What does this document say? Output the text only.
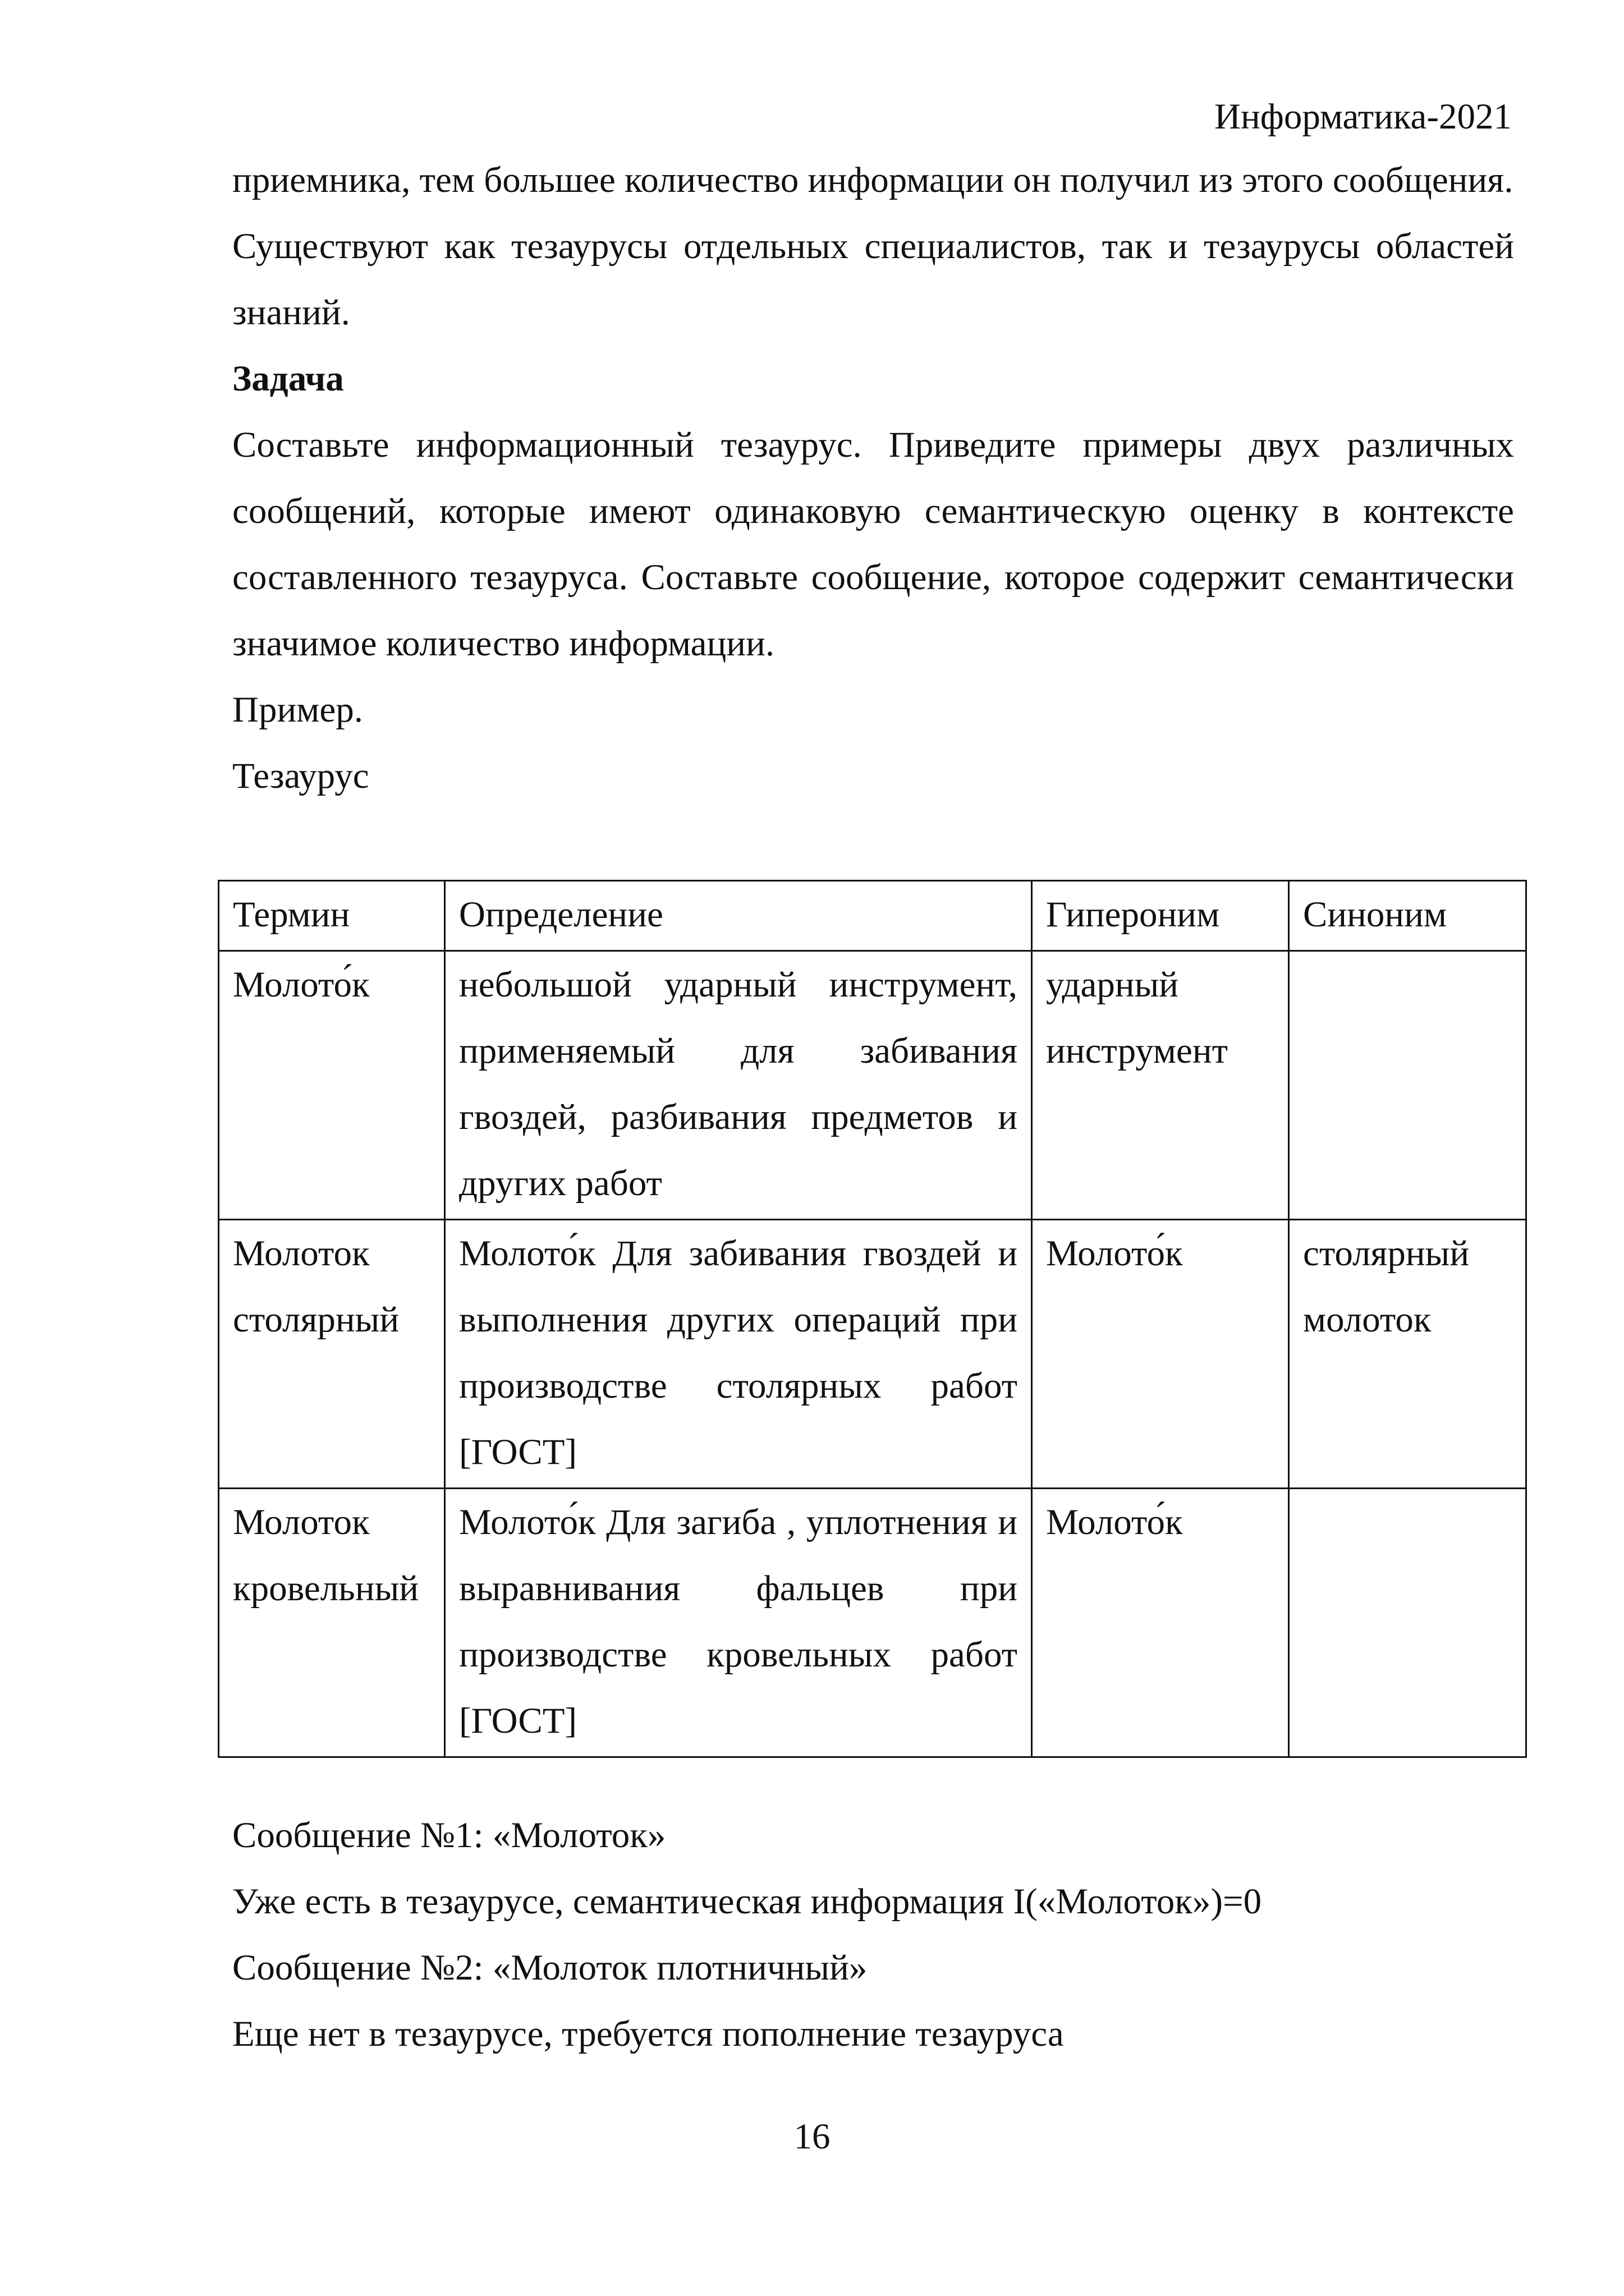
Информатика-2021

приемника, тем большее количество информации он получил из этого сообщения.

Существуют как тезаурусы отдельных специалистов, так и тезаурусы областей знаний.

Задача

Составьте информационный тезаурус. Приведите примеры двух различных сообщений, которые имеют одинаковую семантическую оценку в контексте составленного тезауруса. Составьте сообщение, которое содержит семантически значимое количество информации.

Пример.

Тезаурус

Термин	Определение	Гипероним	Синоним
Молото́к	небольшой ударный инструмент, применяемый для забивания гвоздей, разбивания предметов и других работ	ударный инструмент	
Молоток столярный	Молото́к Для забивания гвоздей и выполнения других операций при производстве столярных работ [ГОСТ]	Молото́к	столярный молоток
Молоток кровельный	Молото́к Для загиба , уплотнения и выравнивания фальцев при производстве кровельных работ [ГОСТ]	Молото́к	

Сообщение №1: «Молоток»

Уже есть в тезаурусе, семантическая информация I(«Молоток»)=0

Сообщение №2: «Молоток плотничный»

Еще нет в тезаурусе, требуется пополнение тезауруса

16
